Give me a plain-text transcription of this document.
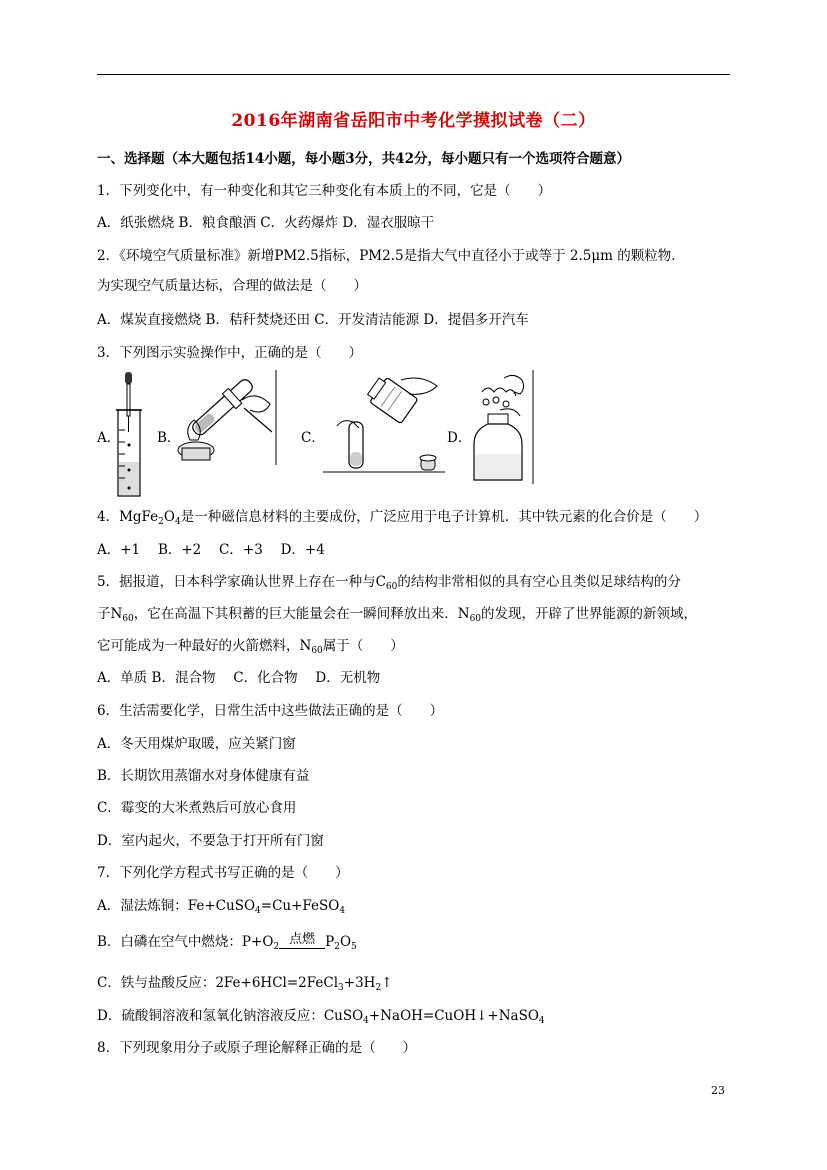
2016年湖南省岳阳市中考化学摸拟试卷（二）
一、选择题（本大题包括14小题，每小题3分，共42分，每小题只有一个选项符合题意）
1．下列变化中，有一种变化和其它三种变化有本质上的不同，它是（　　）
A．纸张燃烧 B．粮食酿酒 C．火药爆炸 D．湿衣服晾干
2．《环境空气质量标准》新增PM2.5指标，PM2.5是指大气中直径小于或等于 2.5μm 的颗粒物．
为实现空气质量达标，合理的做法是（　　）
A．煤炭直接燃烧 B．秸秆焚烧还田 C．开发清洁能源 D．提倡多开汽车
3．下列图示实验操作中，正确的是（　　）
A．	B．	C．	D．
4．$MgFe_2O_4$是一种磁信息材料的主要成份，广泛应用于电子计算机．其中铁元素的化合价是（　　）
A．+1　 B．+2　 C．+3　 D．+4
5．据报道，日本科学家确认世界上存在一种与$C_{60}$的结构非常相似的具有空心且类似足球结构的分
子$N_{60}$，它在高温下其积蓄的巨大能量会在一瞬间释放出来．$N_{60}$的发现，开辟了世界能源的新领域，
它可能成为一种最好的火箭燃料，$N_{60}$属于（　　）
A．单质 B．混合物　 C．化合物　 D．无机物
6．生活需要化学，日常生活中这些做法正确的是（　　）
A．冬天用煤炉取暖，应关紧门窗
B．长期饮用蒸馏水对身体健康有益
C．霉变的大米煮熟后可放心食用
D．室内起火，不要急于打开所有门窗
7．下列化学方程式书写正确的是（　　）
A．湿法炼铜：Fe+CuSO$_4$=Cu+FeSO$_4$
B．白磷在空气中燃烧：$P+O_2$ 点燃 $P_2O_5$
C．铁与盐酸反应：$2Fe+6HCl=2FeCl_3+3H_2↑$
D．硫酸铜溶液和氢氧化钠溶液反应：CuSO$_4$+NaOH=CuOH↓+NaSO$_4$
8．下列现象用分子或原子理论解释正确的是（　　）
23
